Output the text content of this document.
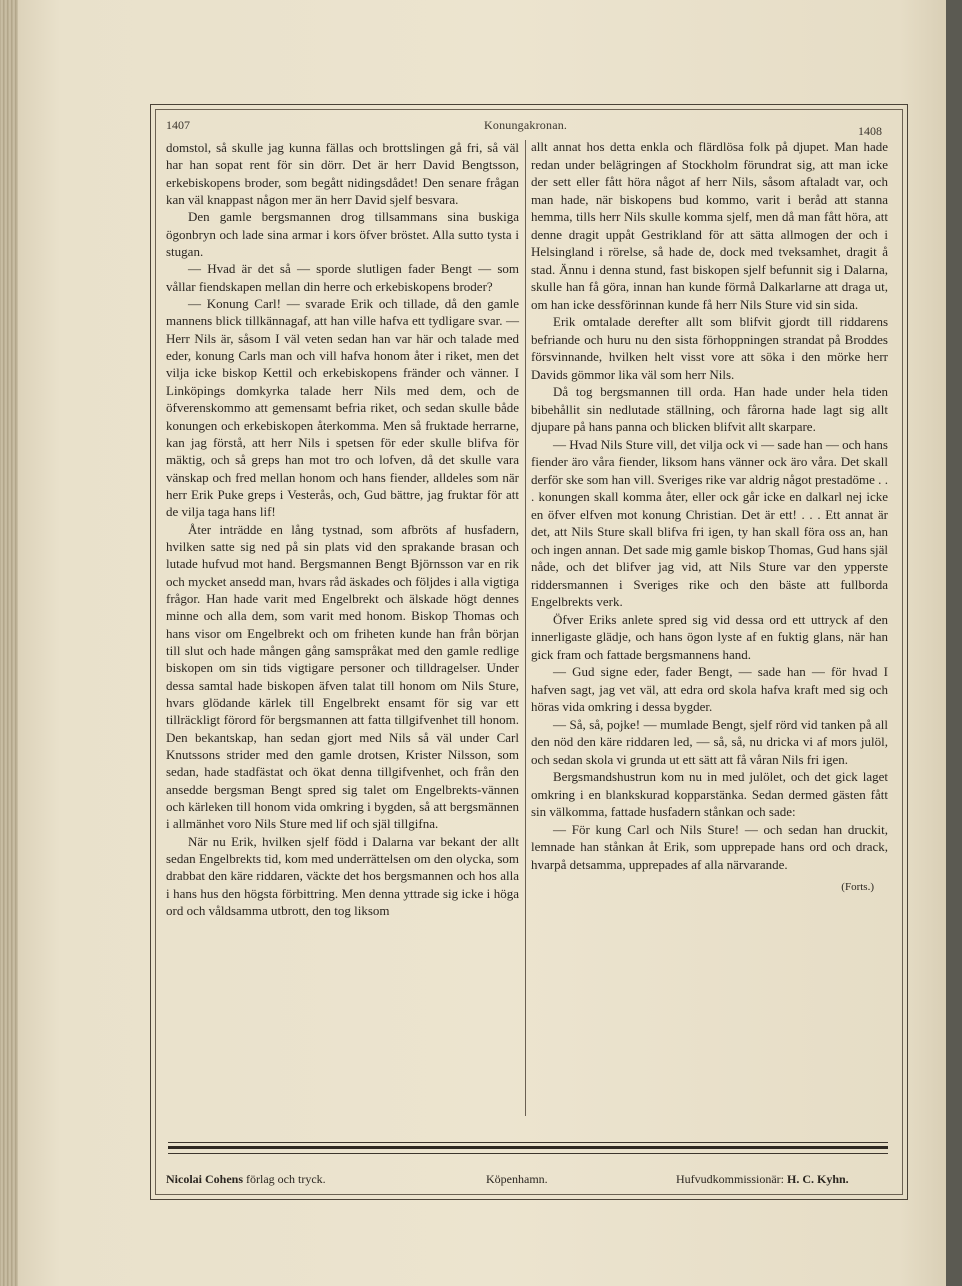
1407	Konungakronan.	1408

domstol, så skulle jag kunna fällas och brottslingen gå fri, så väl har han sopat rent för sin dörr. Det är herr David Bengtsson, erkebiskopens broder, som begått nidingsdådet! Den senare frågan kan väl knappast någon mer än herr David sjelf besvara.

Den gamle bergsmannen drog tillsammans sina buskiga ögonbryn och lade sina armar i kors öfver bröstet. Alla sutto tysta i stugan.

— Hvad är det så — sporde slutligen fader Bengt — som vållar fiendskapen mellan din herre och erkebiskopens broder?

— Konung Carl! — svarade Erik och tillade, då den gamle mannens blick tillkännagaf, att han ville hafva ett tydligare svar. — Herr Nils är, såsom I väl veten sedan han var här och talade med eder, konung Carls man och vill hafva honom åter i riket, men det vilja icke biskop Kettil och erkebiskopens fränder och vänner. I Linköpings domkyrka talade herr Nils med dem, och de öfverenskommo att gemensamt befria riket, och sedan skulle både konungen och erkebiskopen återkomma. Men så fruktade herrarne, kan jag förstå, att herr Nils i spetsen för eder skulle blifva för mäktig, och så greps han mot tro och lofven, då det skulle vara vänskap och fred mellan honom och hans fiender, alldeles som när herr Erik Puke greps i Vesterås, och, Gud bättre, jag fruktar för att de vilja taga hans lif!

Åter inträdde en lång tystnad, som afbröts af husfadern, hvilken satte sig ned på sin plats vid den sprakande brasan och lutade hufvud mot hand. Bergsmannen Bengt Björnsson var en rik och mycket ansedd man, hvars råd äskades och följdes i alla vigtiga frågor. Han hade varit med Engelbrekt och älskade högt dennes minne och alla dem, som varit med honom. Biskop Thomas och hans visor om Engelbrekt och om friheten kunde han från början till slut och hade mången gång samspråkat med den gamle redlige biskopen om sin tids vigtigare personer och tilldragelser. Under dessa samtal hade biskopen äfven talat till honom om Nils Sture, hvars glödande kärlek till Engelbrekt ensamt för sig var ett tillräckligt förord för bergsmannen att fatta tillgifvenhet till honom. Den bekantskap, han sedan gjort med Nils så väl under Carl Knutssons strider med den gamle drotsen, Krister Nilsson, som sedan, hade stadfästat och ökat denna tillgifvenhet, och från den ansedde bergsman Bengt spred sig talet om Engelbrekts-vännen och kärleken till honom vida omkring i bygden, så att bergsmännen i allmänhet voro Nils Sture med lif och själ tillgifna.

När nu Erik, hvilken sjelf född i Dalarna var bekant der allt sedan Engelbrekts tid, kom med underrättelsen om den olycka, som drabbat den käre riddaren, väckte det hos bergsmannen och hos alla i hans hus den högsta förbittring. Men denna yttrade sig icke i höga ord och våldsamma utbrott, den tog liksom

allt annat hos detta enkla och flärdlösa folk på djupet. Man hade redan under belägringen af Stockholm förundrat sig, att man icke der sett eller fått höra något af herr Nils, såsom aftaladt var, och man hade, när biskopens bud kommo, varit i beråd att stanna hemma, tills herr Nils skulle komma sjelf, men då man fått höra, att denne dragit uppåt Gestrikland för att sätta allmogen der och i Helsingland i rörelse, så hade de, dock med tveksamhet, dragit å stad. Ännu i denna stund, fast biskopen sjelf befunnit sig i Dalarna, skulle han få göra, innan han kunde förmå Dalkarlarne att draga ut, om han icke dessförinnan kunde få herr Nils Sture vid sin sida.

Erik omtalade derefter allt som blifvit gjordt till riddarens befriande och huru nu den sista förhoppningen strandat på Broddes försvinnande, hvilken helt visst vore att söka i den mörke herr Davids gömmor lika väl som herr Nils.

Då tog bergsmannen till orda. Han hade under hela tiden bibehållit sin nedlutade ställning, och fårorna hade lagt sig allt djupare på hans panna och blicken blifvit allt skarpare.

— Hvad Nils Sture vill, det vilja ock vi — sade han — och hans fiender äro våra fiender, liksom hans vänner ock äro våra. Det skall derför ske som han vill. Sveriges rike var aldrig något prestadöme . . . konungen skall komma åter, eller ock går icke en dalkarl nej icke en öfver elfven mot konung Christian. Det är ett! . . . Ett annat är det, att Nils Sture skall blifva fri igen, ty han skall föra oss an, han och ingen annan. Det sade mig gamle biskop Thomas, Gud hans själ nåde, och det blifver jag vid, att Nils Sture var den ypperste riddersmannen i Sveriges rike och den bäste att fullborda Engelbrekts verk.

Öfver Eriks anlete spred sig vid dessa ord ett uttryck af den innerligaste glädje, och hans ögon lyste af en fuktig glans, när han gick fram och fattade bergsmannens hand.

— Gud signe eder, fader Bengt, — sade han — för hvad I hafven sagt, jag vet väl, att edra ord skola hafva kraft med sig och höras vida omkring i dessa bygder.

— Så, så, pojke! — mumlade Bengt, sjelf rörd vid tanken på all den nöd den käre riddaren led, — så, så, nu dricka vi af mors julöl, och sedan skola vi grunda ut ett sätt att få våran Nils fri igen.

Bergsmandshustrun kom nu in med julölet, och det gick laget omkring i en blankskurad kopparstänka. Sedan dermed gästen fått sin välkomma, fattade husfadern stånkan och sade:

— För kung Carl och Nils Sture! — och sedan han druckit, lemnade han stånkan åt Erik, som upprepade hans ord och drack, hvarpå detsamma, upprepades af alla närvarande.

(Forts.)

Nicolai Cohens förlag och tryck.	Köpenhamn.	Hufvudkommissionär: H. C. Kyhn.
